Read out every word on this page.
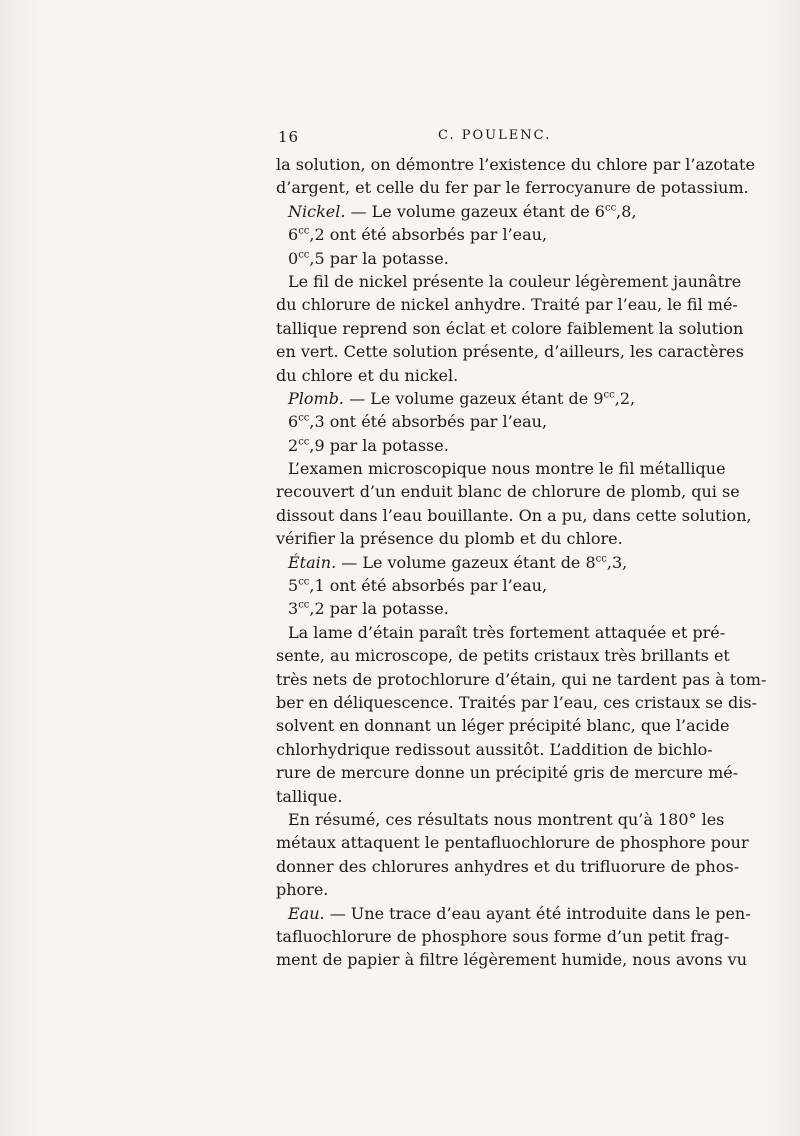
16	C. POULENC.
la solution, on démontre l’existence du chlore par l’azotate
d’argent, et celle du fer par le ferrocyanure de potassium.
Nickel. — Le volume gazeux étant de $6^{cc},8$,
$6^{cc},2$ ont été absorbés par l’eau,
$0^{cc},5$ par la potasse.
Le fil de nickel présente la couleur légèrement jaunâtre
du chlorure de nickel anhydre. Traité par l’eau, le fil mé-
tallique reprend son éclat et colore faiblement la solution
en vert. Cette solution présente, d’ailleurs, les caractères
du chlore et du nickel.
Plomb. — Le volume gazeux étant de $9^{cc},2$,
$6^{cc},3$ ont été absorbés par l’eau,
$2^{cc},9$ par la potasse.
L’examen microscopique nous montre le fil métallique
recouvert d’un enduit blanc de chlorure de plomb, qui se
dissout dans l’eau bouillante. On a pu, dans cette solution,
vérifier la présence du plomb et du chlore.
Étain. — Le volume gazeux étant de $8^{cc},3$,
$5^{cc},1$ ont été absorbés par l’eau,
$3^{cc},2$ par la potasse.
La lame d’étain paraît très fortement attaquée et pré-
sente, au microscope, de petits cristaux très brillants et
très nets de protochlorure d’étain, qui ne tardent pas à tom-
ber en déliquescence. Traités par l’eau, ces cristaux se dis-
solvent en donnant un léger précipité blanc, que l’acide
chlorhydrique redissout aussitôt. L’addition de bichlo-
rure de mercure donne un précipité gris de mercure mé-
tallique.
En résumé, ces résultats nous montrent qu’à 180° les
métaux attaquent le pentafluochlorure de phosphore pour
donner des chlorures anhydres et du trifluorure de phos-
phore.
Eau. — Une trace d’eau ayant été introduite dans le pen-
tafluochlorure de phosphore sous forme d’un petit frag-
ment de papier à filtre légèrement humide, nous avons vu
